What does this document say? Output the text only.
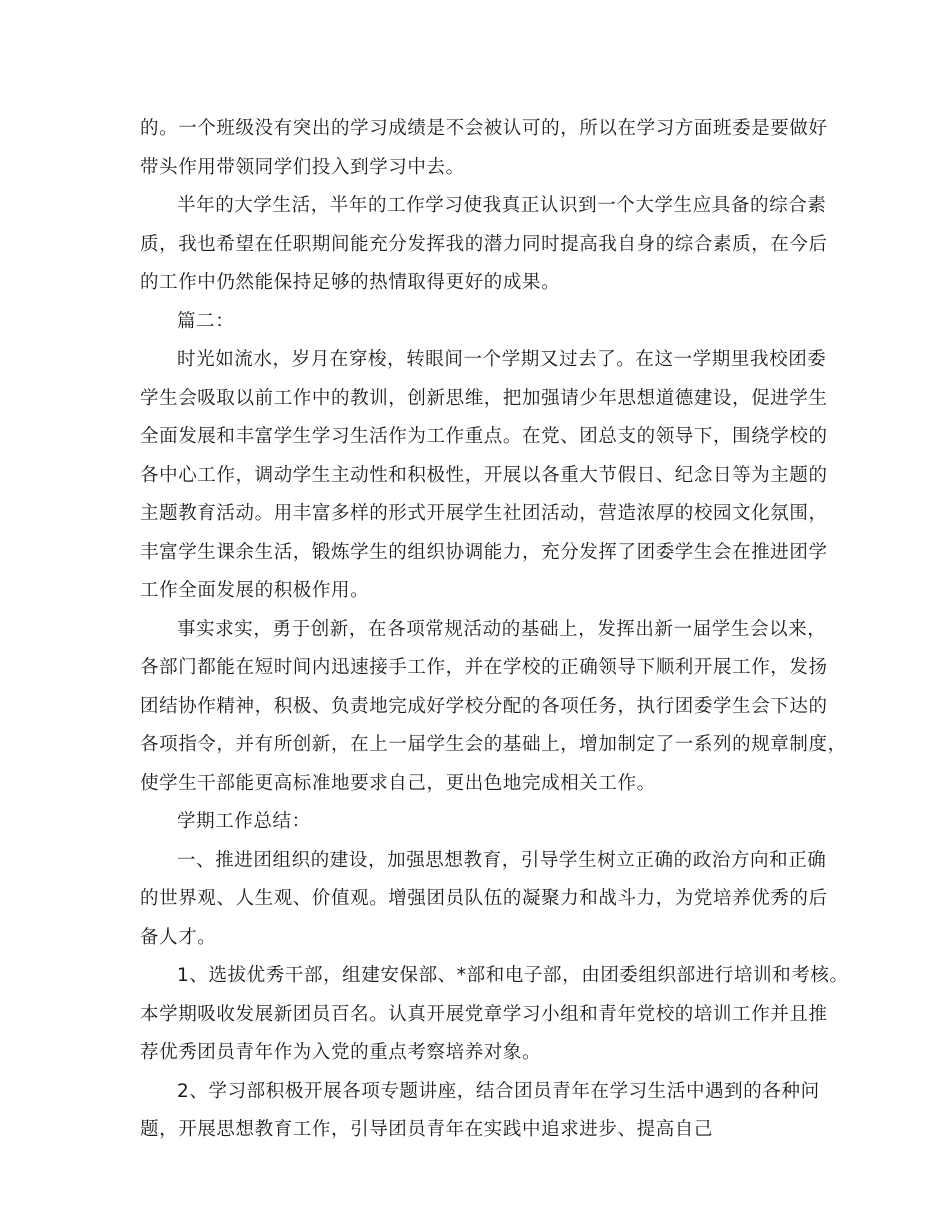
的。一个班级没有突出的学习成绩是不会被认可的，所以在学习方面班委是要做好
带头作用带领同学们投入到学习中去。
半年的大学生活，半年的工作学习使我真正认识到一个大学生应具备的综合素
质，我也希望在任职期间能充分发挥我的潜力同时提高我自身的综合素质，在今后
的工作中仍然能保持足够的热情取得更好的成果。
篇二：
时光如流水，岁月在穿梭，转眼间一个学期又过去了。在这一学期里我校团委
学生会吸取以前工作中的教训，创新思维，把加强请少年思想道德建设，促进学生
全面发展和丰富学生学习生活作为工作重点。在党、团总支的领导下，围绕学校的
各中心工作，调动学生主动性和积极性，开展以各重大节假日、纪念日等为主题的
主题教育活动。用丰富多样的形式开展学生社团活动，营造浓厚的校园文化氛围，
丰富学生课余生活，锻炼学生的组织协调能力，充分发挥了团委学生会在推进团学
工作全面发展的积极作用。
事实求实，勇于创新，在各项常规活动的基础上，发挥出新一届学生会以来，
各部门都能在短时间内迅速接手工作，并在学校的正确领导下顺利开展工作，发扬
团结协作精神，积极、负责地完成好学校分配的各项任务，执行团委学生会下达的
各项指令，并有所创新，在上一届学生会的基础上，增加制定了一系列的规章制度，
使学生干部能更高标准地要求自己，更出色地完成相关工作。
学期工作总结：
一、推进团组织的建设，加强思想教育，引导学生树立正确的政治方向和正确
的世界观、人生观、价值观。增强团员队伍的凝聚力和战斗力，为党培养优秀的后
备人才。
1、选拔优秀干部，组建安保部、*部和电子部，由团委组织部进行培训和考核。
本学期吸收发展新团员百名。认真开展党章学习小组和青年党校的培训工作并且推
荐优秀团员青年作为入党的重点考察培养对象。
2、学习部积极开展各项专题讲座，结合团员青年在学习生活中遇到的各种问
题，开展思想教育工作，引导团员青年在实践中追求进步、提高自己
